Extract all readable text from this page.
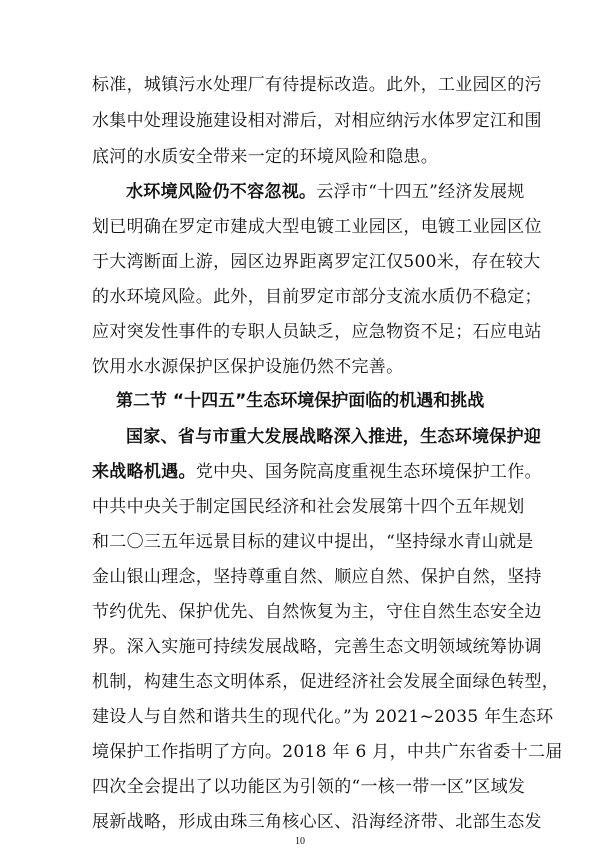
标准，城镇污水处理厂有待提标改造。此外，工业园区的污
水集中处理设施建设相对滞后，对相应纳污水体罗定江和围
底河的水质安全带来一定的环境风险和隐患。
水环境风险仍不容忽视。云浮市“十四五”经济发展规
划已明确在罗定市建成大型电镀工业园区，电镀工业园区位
于大湾断面上游，园区边界距离罗定江仅500米，存在较大
的水环境风险。此外，目前罗定市部分支流水质仍不稳定；
应对突发性事件的专职人员缺乏，应急物资不足；石应电站
饮用水水源保护区保护设施仍然不完善。
第二节 “十四五”生态环境保护面临的机遇和挑战
国家、省与市重大发展战略深入推进，生态环境保护迎
来战略机遇。党中央、国务院高度重视生态环境保护工作。
中共中央关于制定国民经济和社会发展第十四个五年规划
和二〇三五年远景目标的建议中提出，“坚持绿水青山就是
金山银山理念，坚持尊重自然、顺应自然、保护自然，坚持
节约优先、保护优先、自然恢复为主，守住自然生态安全边
界。深入实施可持续发展战略，完善生态文明领域统筹协调
机制，构建生态文明体系，促进经济社会发展全面绿色转型，
建设人与自然和谐共生的现代化。”为 2021~2035 年生态环
境保护工作指明了方向。2018 年 6 月，中共广东省委十二届
四次全会提出了以功能区为引领的“一核一带一区”区域发
展新战略，形成由珠三角核心区、沿海经济带、北部生态发
10
